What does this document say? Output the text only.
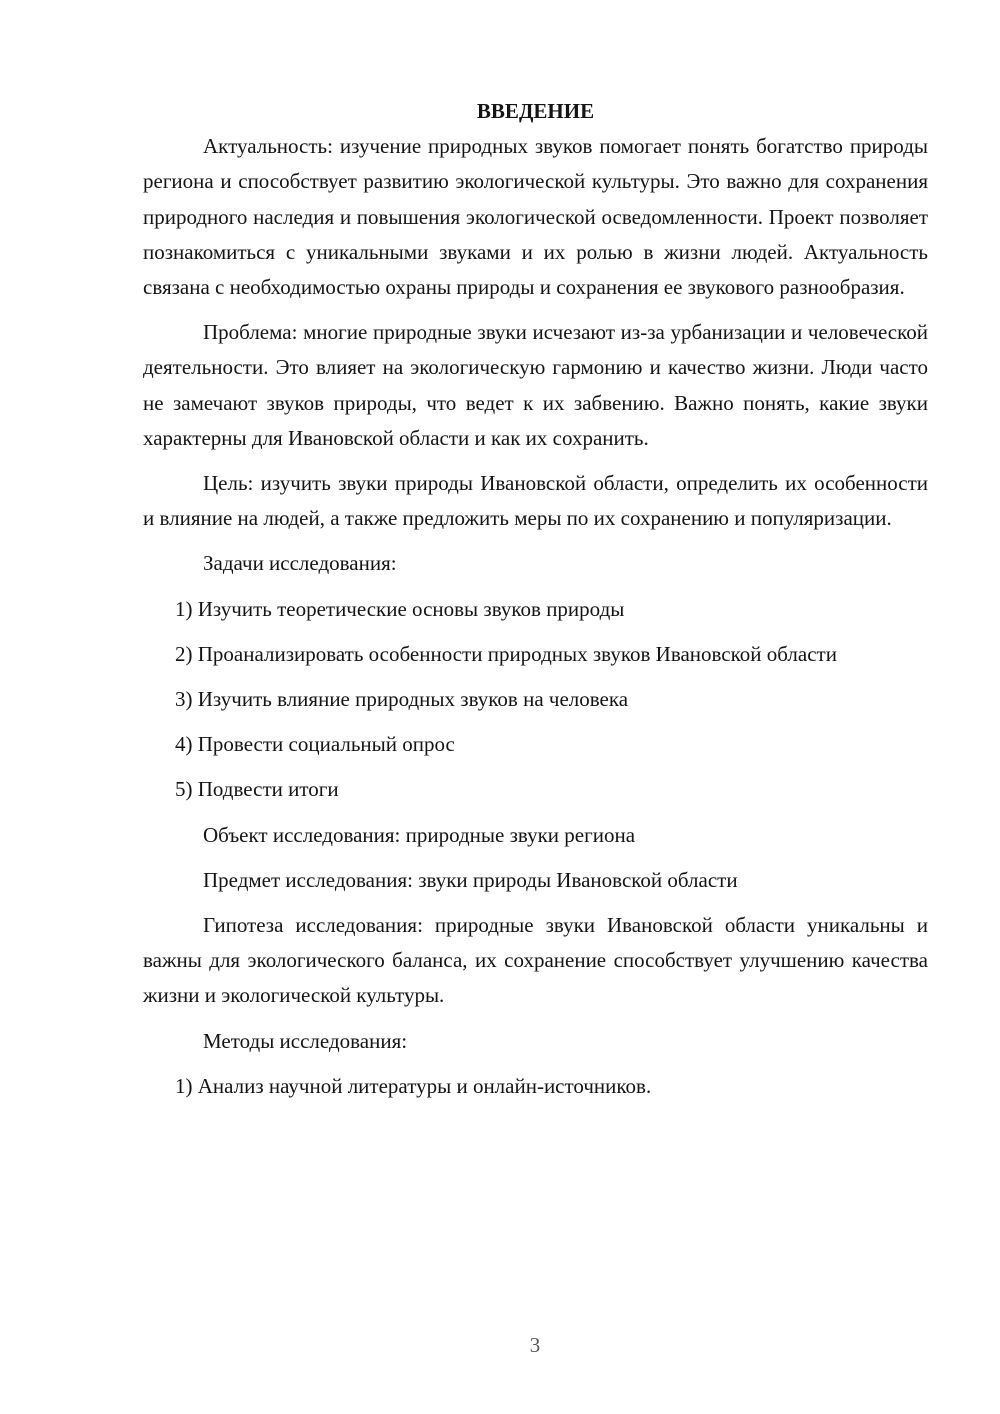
ВВЕДЕНИЕ

Актуальность: изучение природных звуков помогает понять богатство природы региона и способствует развитию экологической культуры. Это важно для сохранения природного наследия и повышения экологической осведомленности. Проект позволяет познакомиться с уникальными звуками и их ролью в жизни людей. Актуальность связана с необходимостью охраны природы и сохранения ее звукового разнообразия.

Проблема: многие природные звуки исчезают из-за урбанизации и человеческой деятельности. Это влияет на экологическую гармонию и качество жизни. Люди часто не замечают звуков природы, что ведет к их забвению. Важно понять, какие звуки характерны для Ивановской области и как их сохранить.

Цель: изучить звуки природы Ивановской области, определить их особенности и влияние на людей, а также предложить меры по их сохранению и популяризации.

Задачи исследования:

1) Изучить теоретические основы звуков природы

2) Проанализировать особенности природных звуков Ивановской области

3) Изучить влияние природных звуков на человека

4) Провести социальный опрос

5) Подвести итоги

Объект исследования: природные звуки региона

Предмет исследования: звуки природы Ивановской области

Гипотеза исследования: природные звуки Ивановской области уникальны и важны для экологического баланса, их сохранение способствует улучшению качества жизни и экологической культуры.

Методы исследования:

1) Анализ научной литературы и онлайн-источников.

3
